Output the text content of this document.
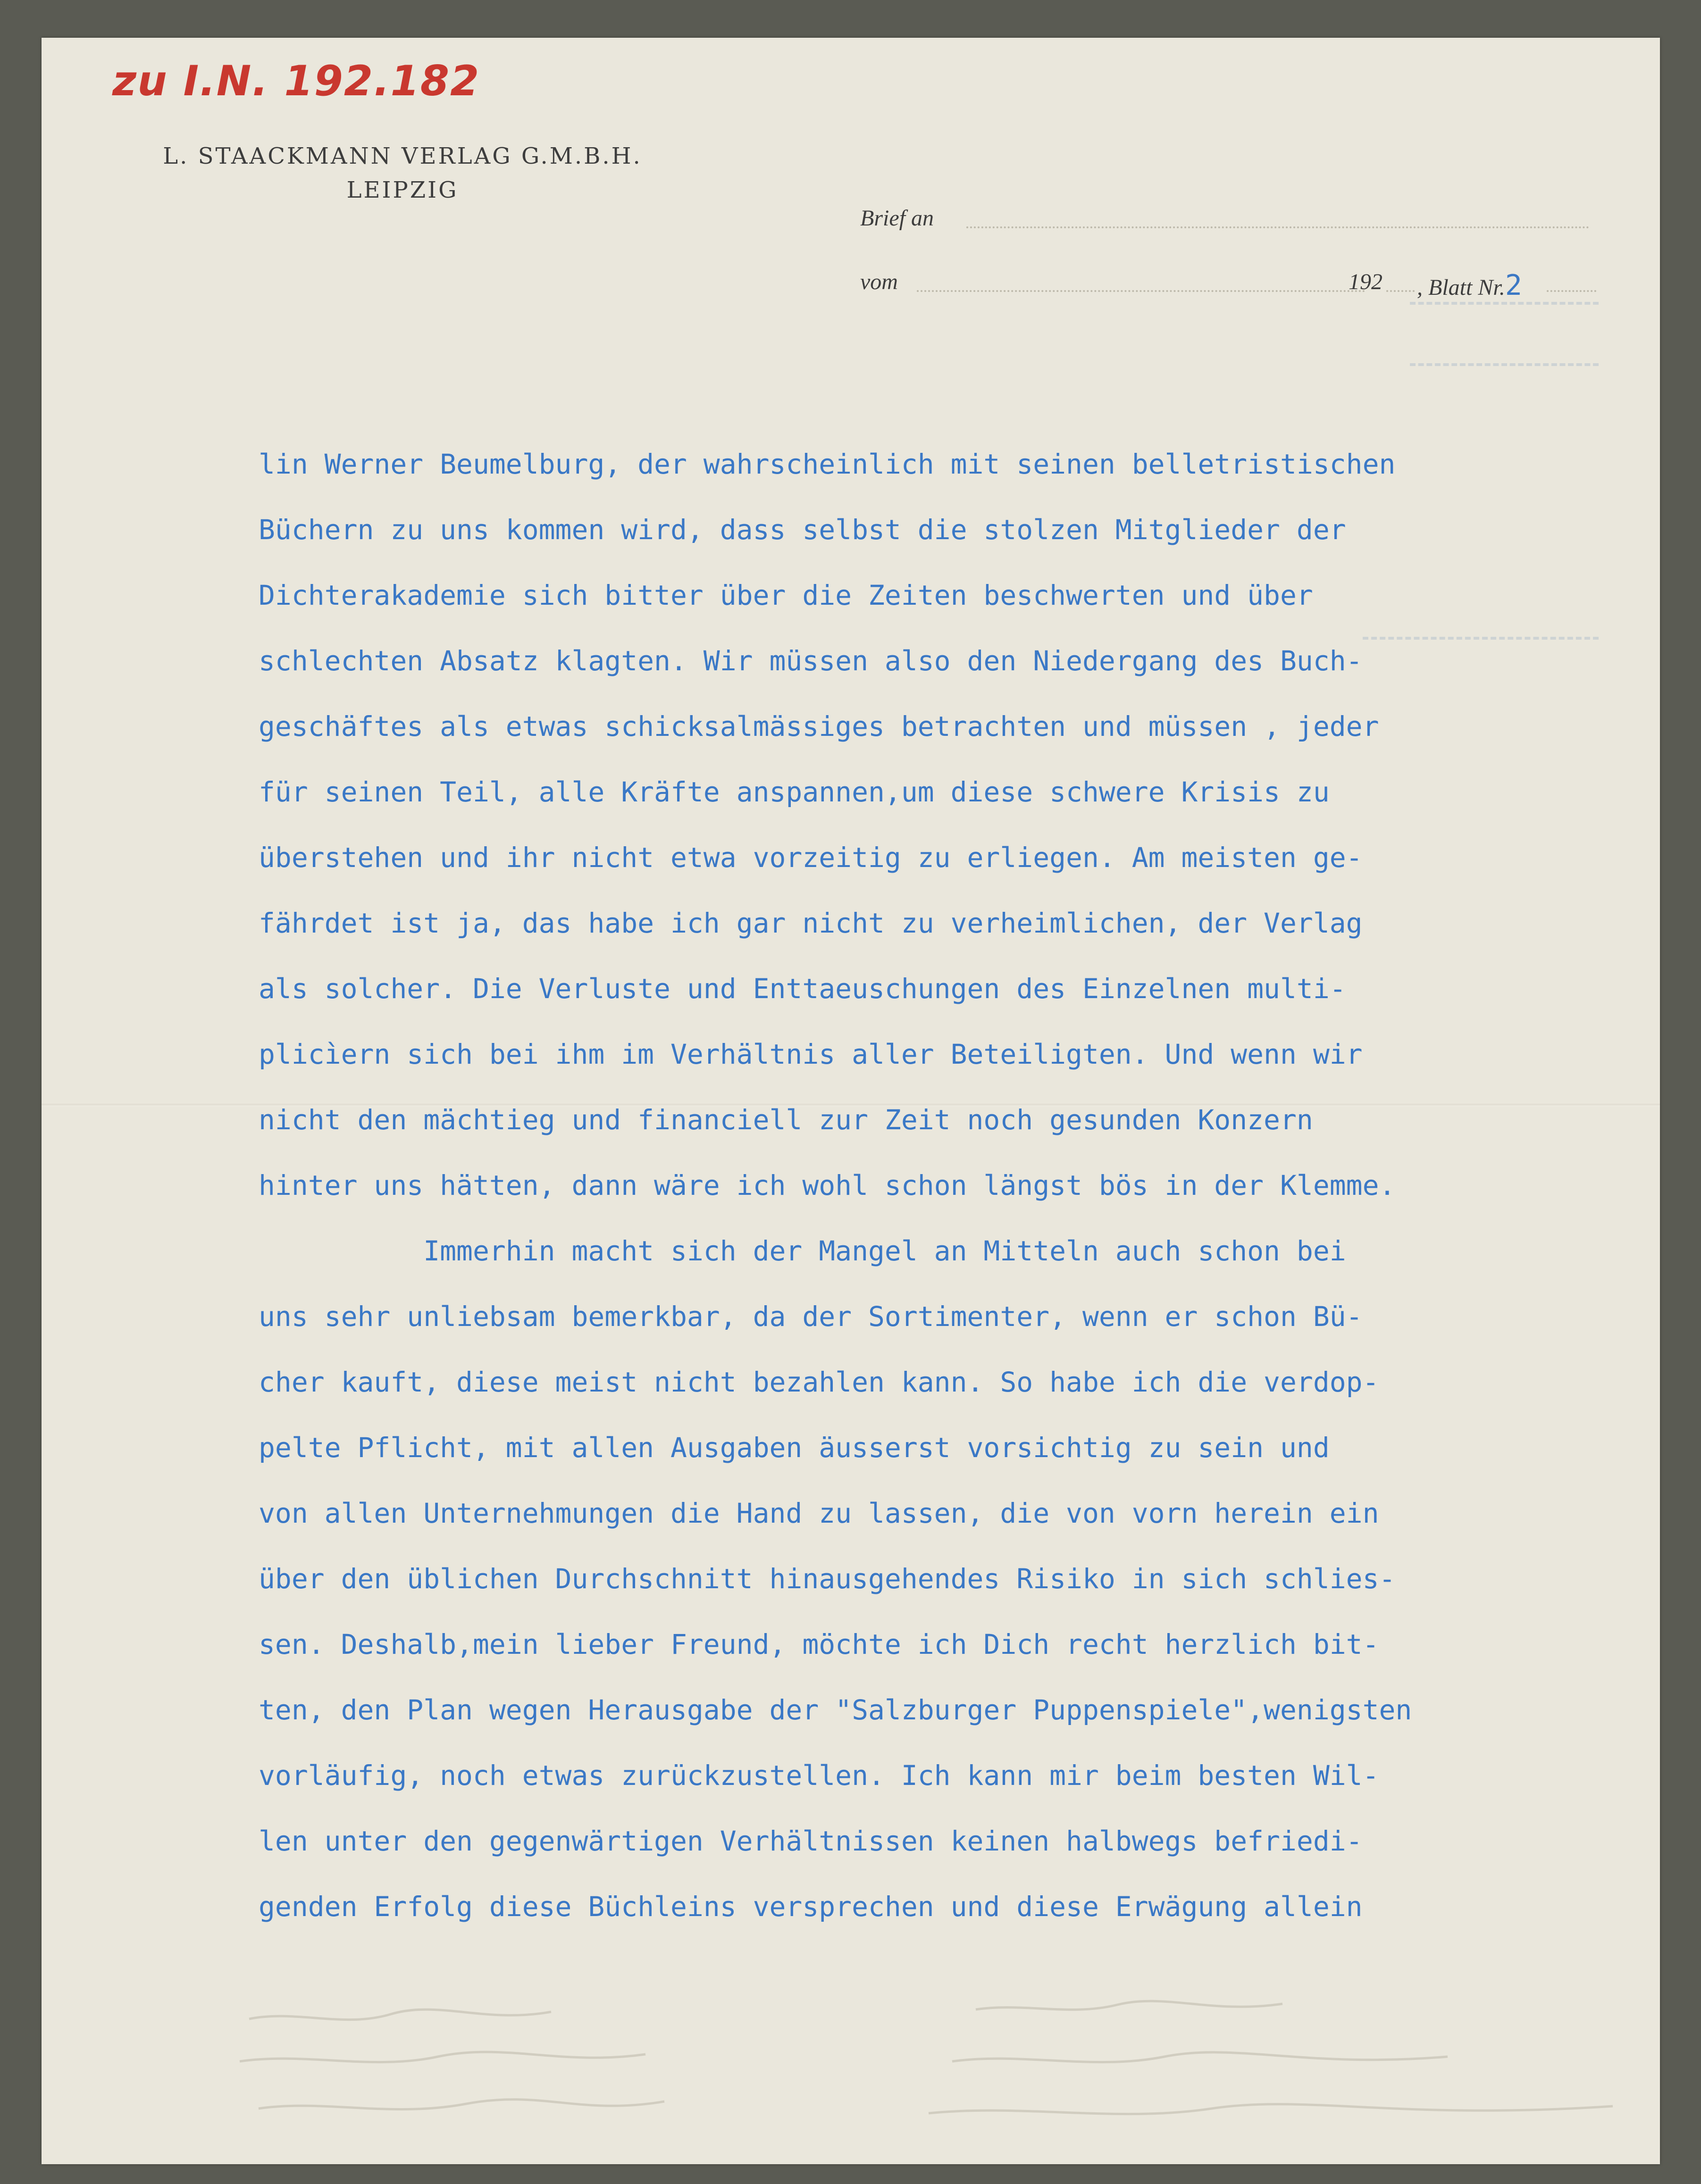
zu I.N. 192.182
L. STAACKMANN VERLAG G.M.B.H.
LEIPZIG
Brief an
vom	192 , Blatt Nr.2
lin Werner Beumelburg, der wahrscheinlich mit seinen belletristischen
Büchern zu uns kommen wird, dass selbst die stolzen Mitglieder der
Dichterakademie sich bitter über die Zeiten beschwerten und über
schlechten Absatz klagten. Wir müssen also den Niedergang des Buch-
geschäftes als etwas schicksalmässiges betrachten und müssen , jeder
für seinen Teil, alle Kräfte anspannen,um diese schwere Krisis zu
überstehen und ihr nicht etwa vorzeitig zu erliegen. Am meisten ge-
fährdet ist ja, das habe ich gar nicht zu verheimlichen, der Verlag
als solcher. Die Verluste und Enttaeuschungen des Einzelnen multi-
plicìern sich bei ihm im Verhältnis aller Beteiligten. Und wenn wir
nicht den mächtieg und financiell zur Zeit noch gesunden Konzern
hinter uns hätten, dann wäre ich wohl schon längst bös in der Klemme.
Immerhin macht sich der Mangel an Mitteln auch schon bei
uns sehr unliebsam bemerkbar, da der Sortimenter, wenn er schon Bü-
cher kauft, diese meist nicht bezahlen kann. So habe ich die verdop-
pelte Pflicht, mit allen Ausgaben äusserst vorsichtig zu sein und
von allen Unternehmungen die Hand zu lassen, die von vorn herein ein
über den üblichen Durchschnitt hinausgehendes Risiko in sich schlies-
sen. Deshalb,mein lieber Freund, möchte ich Dich recht herzlich bit-
ten, den Plan wegen Herausgabe der "Salzburger Puppenspiele",wenigsten
vorläufig, noch etwas zurückzustellen. Ich kann mir beim besten Wil-
len unter den gegenwärtigen Verhältnissen keinen halbwegs befriedi-
genden Erfolg diese Büchleins versprechen und diese Erwägung allein
